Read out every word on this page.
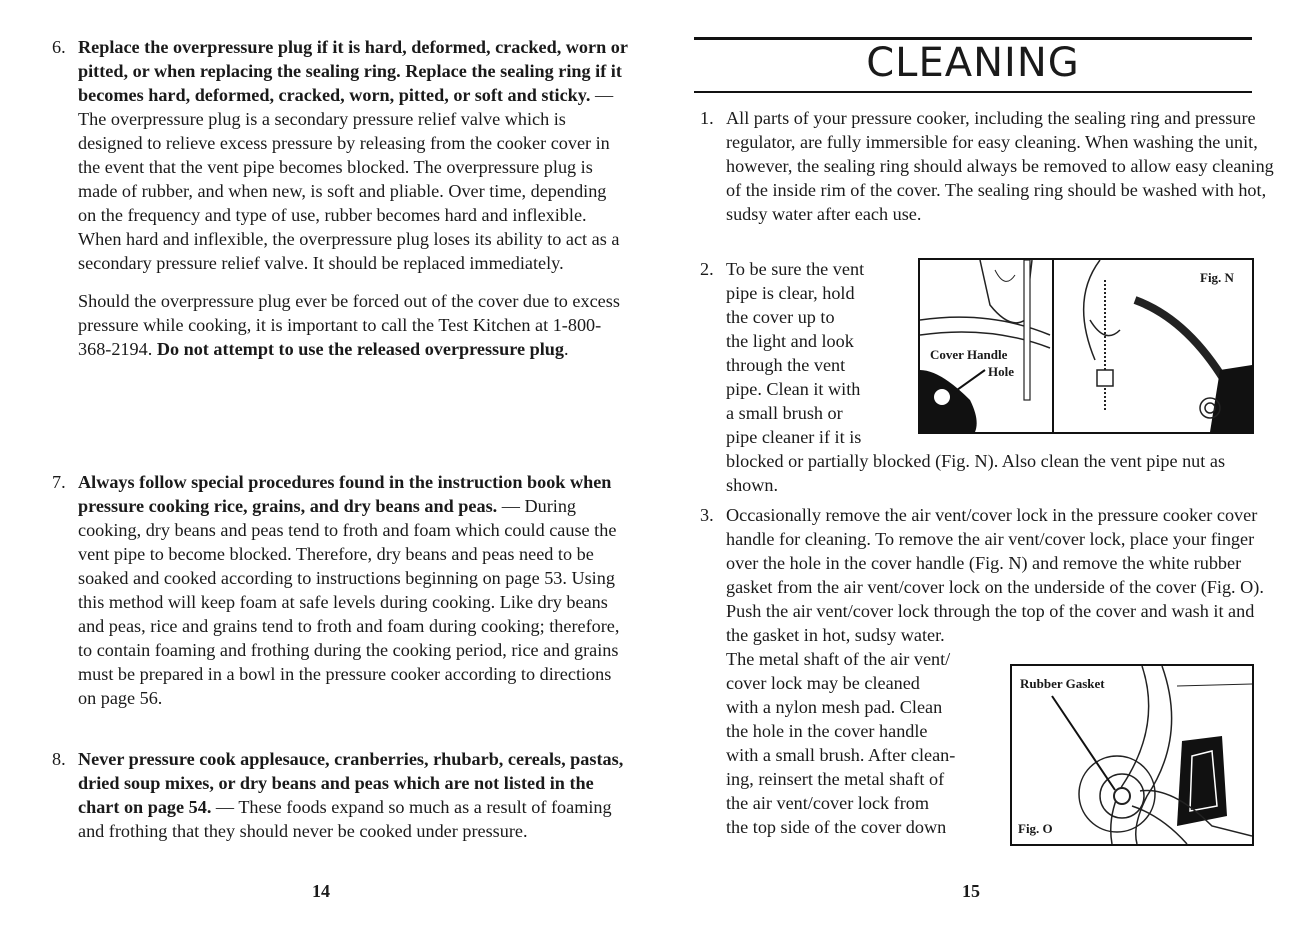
6. Replace the overpressure plug if it is hard, deformed, cracked, worn or pitted, or when replacing the sealing ring. Replace the sealing ring if it becomes hard, deformed, cracked, worn, pitted, or soft and sticky. — The overpressure plug is a secondary pressure relief valve which is designed to relieve excess pressure by releasing from the cooker cover in the event that the vent pipe becomes blocked. The overpressure plug is made of rubber, and when new, is soft and pliable. Over time, depending on the frequency and type of use, rubber becomes hard and inflexible. When hard and inflexible, the overpressure plug loses its ability to act as a secondary pressure relief valve. It should be replaced immediately.

Should the overpressure plug ever be forced out of the cover due to excess pressure while cooking, it is important to call the Test Kitchen at 1-800-368-2194. Do not attempt to use the released overpressure plug.

7. Always follow special procedures found in the instruction book when pressure cooking rice, grains, and dry beans and peas. — During cooking, dry beans and peas tend to froth and foam which could cause the vent pipe to become blocked. Therefore, dry beans and peas need to be soaked and cooked according to instructions beginning on page 53. Using this method will keep foam at safe levels during cooking. Like dry beans and peas, rice and grains tend to froth and foam during cooking; therefore, to contain foaming and frothing during the cooking period, rice and grains must be prepared in a bowl in the pressure cooker according to directions on page 56.

8. Never pressure cook applesauce, cranberries, rhubarb, cereals, pastas, dried soup mixes, or dry beans and peas which are not listed in the chart on page 54. — These foods expand so much as a result of foaming and frothing that they should never be cooked under pressure.

14
CLEANING
1. All parts of your pressure cooker, including the sealing ring and pressure regulator, are fully immersible for easy cleaning. When washing the unit, however, the sealing ring should always be removed to allow easy cleaning of the inside rim of the cover. The sealing ring should be washed with hot, sudsy water after each use.

2. To be sure the vent
pipe is clear, hold
the cover up to
the light and look
through the vent
pipe. Clean it with
a small brush or
pipe cleaner if it is

blocked or partially blocked (Fig. N). Also clean the vent pipe nut as shown.

Fig. N
Cover Handle
Hole
3. Occasionally remove the air vent/cover lock in the pressure cooker cover handle for cleaning. To remove the air vent/cover lock, place your finger over the hole in the cover handle (Fig. N) and remove the white rubber gasket from the air vent/cover lock on the underside of the cover (Fig. O). Push the air vent/cover lock through the top of the cover and wash it and

the gasket in hot, sudsy water.
The metal shaft of the air vent/
cover lock may be cleaned
with a nylon mesh pad. Clean
the hole in the cover handle
with a small brush. After clean-
ing, reinsert the metal shaft of
the air vent/cover lock from
the top side of the cover down
Rubber Gasket
Fig. O
15
